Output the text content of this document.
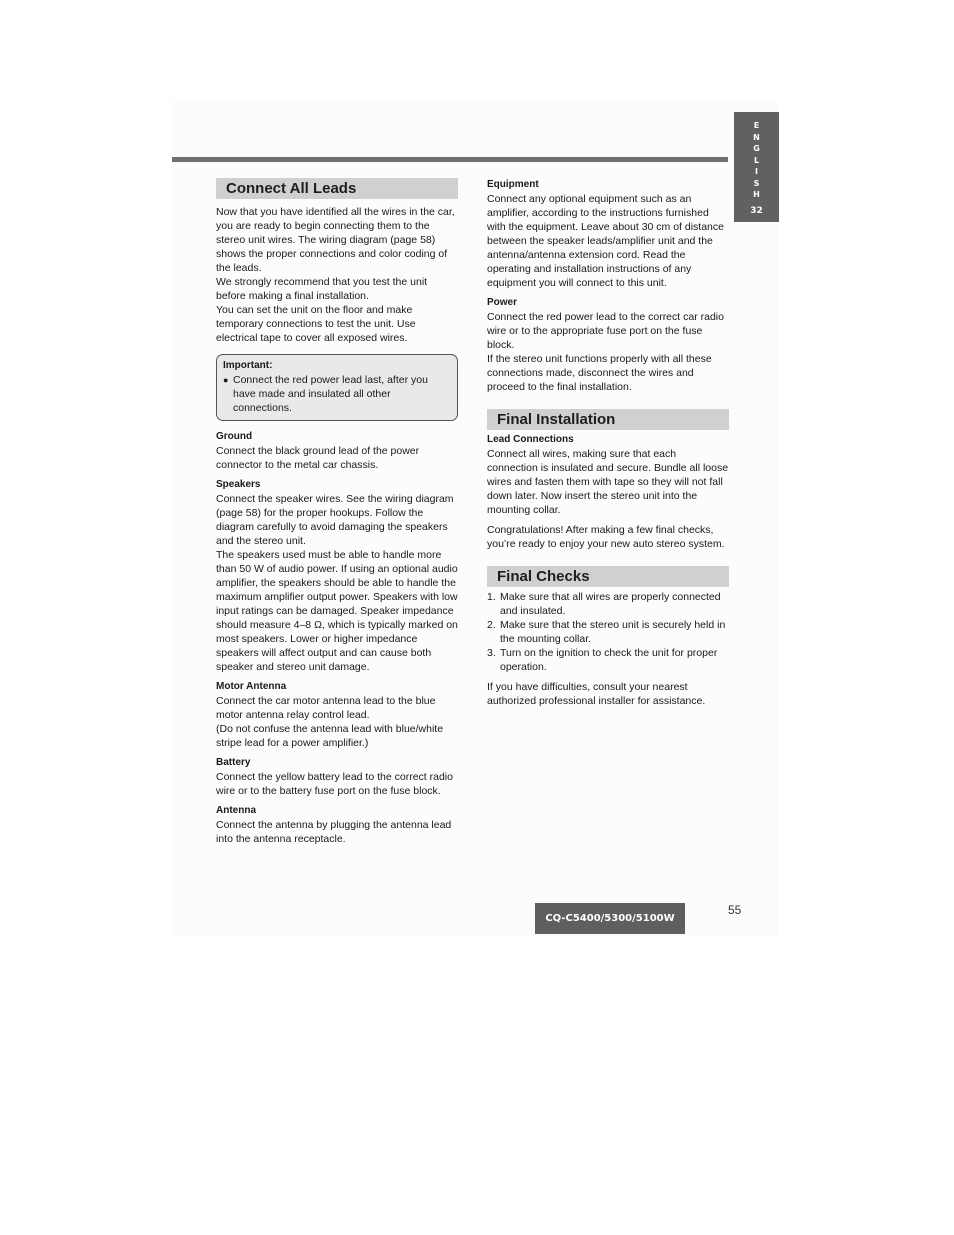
E
N
G
L
I
S
H
32
Connect All Leads

Now that you have identified all the wires in the car, you are ready to begin connecting them to the stereo unit wires. The wiring diagram (page 58) shows the proper connections and color coding of the leads.

We strongly recommend that you test the unit before making a final installation.

You can set the unit on the floor and make temporary connections to test the unit. Use electrical tape to cover all exposed wires.

Important:

● Connect the red power lead last, after you have made and insulated all other connections.

Ground

Connect the black ground lead of the power connector to the metal car chassis.

Speakers

Connect the speaker wires. See the wiring diagram (page 58) for the proper hookups. Follow the diagram carefully to avoid damaging the speakers and the stereo unit.

The speakers used must be able to handle more than 50 W of audio power. If using an optional audio amplifier, the speakers should be able to handle the maximum amplifier output power. Speakers with low input ratings can be damaged. Speaker impedance should measure 4–8 Ω, which is typically marked on most speakers. Lower or higher impedance speakers will affect output and can cause both speaker and stereo unit damage.

Motor Antenna

Connect the car motor antenna lead to the blue motor antenna relay control lead.

(Do not confuse the antenna lead with blue/white stripe lead for a power amplifier.)

Battery

Connect the yellow battery lead to the correct radio wire or to the battery fuse port on the fuse block.

Antenna

Connect the antenna by plugging the antenna lead into the antenna receptacle.

Equipment

Connect any optional equipment such as an amplifier, according to the instructions furnished with the equipment. Leave about 30 cm of distance between the speaker leads/amplifier unit and the antenna/antenna extension cord. Read the operating and installation instructions of any equipment you will connect to this unit.

Power

Connect the red power lead to the correct car radio wire or to the appropriate fuse port on the fuse block.

If the stereo unit functions properly with all these connections made, disconnect the wires and proceed to the final installation.

Final Installation

Lead Connections

Connect all wires, making sure that each connection is insulated and secure. Bundle all loose wires and fasten them with tape so they will not fall down later. Now insert the stereo unit into the mounting collar.

Congratulations! After making a few final checks, you’re ready to enjoy your new auto stereo system.

Final Checks
1. Make sure that all wires are properly connected and insulated.
2. Make sure that the stereo unit is securely held in the mounting collar.
3. Turn on the ignition to check the unit for proper operation.

If you have difficulties, consult your nearest authorized professional installer for assistance.

CQ-C5400/5300/5100W
55
